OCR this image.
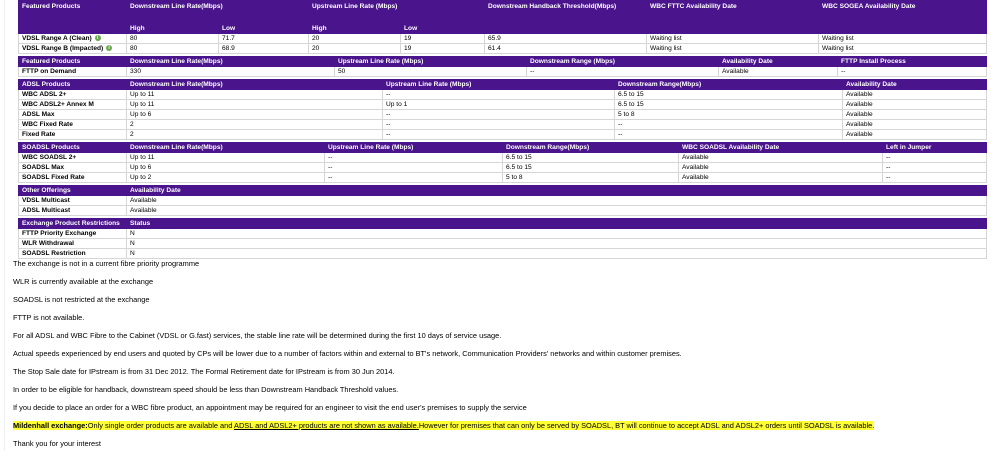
Featured Products	Downstream Line Rate(Mbps)		Upstream Line Rate (Mbps)		Downstream Handback Threshold(Mbps)	WBC FTTC Availability Date	WBC SOGEA Availability Date
	High	Low	High	Low			
VDSL Range A (Clean) i	80	71.7	20	19	65.9	Waiting list	Waiting list
VDSL Range B (Impacted) i	80	68.9	20	19	61.4	Waiting list	Waiting list

Featured Products	Downstream Line Rate(Mbps)	Upstream Line Rate (Mbps)	Downstream Range (Mbps)	Availability Date	FTTP Install Process
FTTP on Demand	330	50	--	Available	--

ADSL Products	Downstream Line Rate(Mbps)	Upstream Line Rate (Mbps)	Downstream Range(Mbps)	Availability Date
WBC ADSL 2+	Up to 11	--	6.5 to 15	Available
WBC ADSL2+ Annex M	Up to 11	Up to 1	6.5 to 15	Available
ADSL Max	Up to 6	--	5 to 8	Available
WBC Fixed Rate	2	--	--	Available
Fixed Rate	2	--	--	Available

SOADSL Products	Downstream Line Rate(Mbps)	Upstream Line Rate (Mbps)	Downstream Range(Mbps)	WBC SOADSL Availability Date	Left in Jumper
WBC SOADSL 2+	Up to 11	--	6.5 to 15	Available	--
SOADSL Max	Up to 6	--	6.5 to 15	Available	--
SOADSL Fixed Rate	Up to 2	--	5 to 8	Available	--

Other Offerings	Availability Date
VDSL Multicast	Available
ADSL Multicast	Available

Exchange Product Restrictions	Status
FTTP Priority Exchange	N
WLR Withdrawal	N
SOADSL Restriction	N

The exchange is not in a current fibre priority programme

WLR is currently available at the exchange

SOADSL is not restricted at the exchange

FTTP is not available.

For all ADSL and WBC Fibre to the Cabinet (VDSL or G.fast) services, the stable line rate will be determined during the first 10 days of service usage.

Actual speeds experienced by end users and quoted by CPs will be lower due to a number of factors within and external to BT's network, Communication Providers' networks and within customer premises.

The Stop Sale date for IPstream is from 31 Dec 2012. The Formal Retirement date for IPstream is from 30 Jun 2014.

In order to be eligible for handback, downstream speed should be less than Downstream Handback Threshold values.

If you decide to place an order for a WBC fibre product, an appointment may be required for an engineer to visit the end user's premises to supply the service

Mildenhall exchange:Only single order products are available and ADSL and ADSL2+ products are not shown as available.However for premises that can only be served by SOADSL, BT will continue to accept ADSL and ADSL2+ orders until SOADSL is available.

Thank you for your interest
